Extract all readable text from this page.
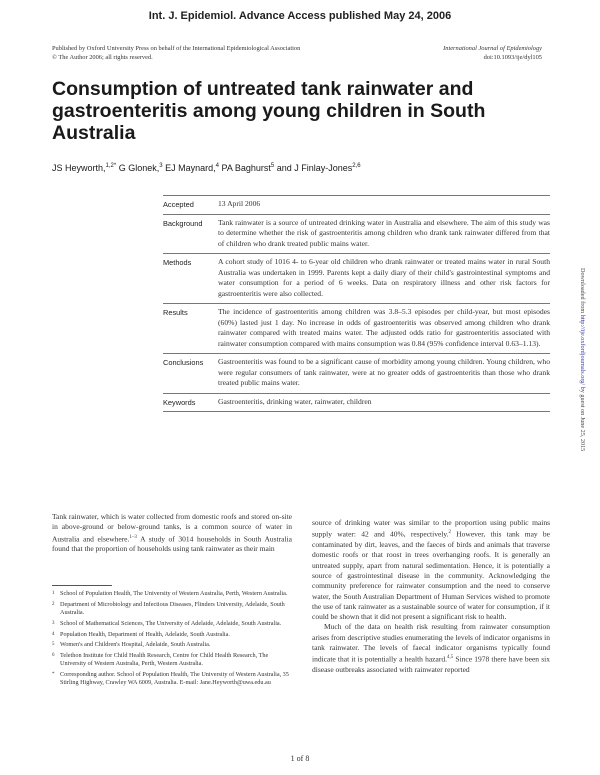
Int. J. Epidemiol. Advance Access published May 24, 2006
Published by Oxford University Press on behalf of the International Epidemiological Association
© The Author 2006; all rights reserved.
International Journal of Epidemiology
doi:10.1093/ije/dyl105
Consumption of untreated tank rainwater and gastroenteritis among young children in South Australia
JS Heyworth,$^{1,2*}$ G Glonek,$^3$ EJ Maynard,$^4$ PA Baghurst$^5$ and J Finlay-Jones$^{2,6}$
Accepted	13 April 2006
Background	Tank rainwater is a source of untreated drinking water in Australia and elsewhere. The aim of this study was to determine whether the risk of gastroenteritis among children who drank tank rainwater differed from that of children who drank treated public mains water.
Methods	A cohort study of 1016 4- to 6-year old children who drank rainwater or treated mains water in rural South Australia was undertaken in 1999. Parents kept a daily diary of their child's gastrointestinal symptoms and water consumption for a period of 6 weeks. Data on respiratory illness and other risk factors for gastroenteritis were also collected.
Results	The incidence of gastroenteritis among children was 3.8–5.3 episodes per child-year, but most episodes (60%) lasted just 1 day. No increase in odds of gastroenteritis was observed among children who drank rainwater compared with treated mains water. The adjusted odds ratio for gastroenteritis associated with rainwater consumption compared with mains consumption was 0.84 (95% confidence interval 0.63–1.13).
Conclusions	Gastroenteritis was found to be a significant cause of morbidity among young children. Young children, who were regular consumers of tank rainwater, were at no greater odds of gastroenteritis than those who drank treated public mains water.
Keywords	Gastroenteritis, drinking water, rainwater, children
Downloaded from http://ije.oxfordjournals.org/ by guest on June 25, 2015

Tank rainwater, which is water collected from domestic roofs and stored on-site in above-ground or below-ground tanks, is a common source of water in Australia and elsewhere.$^{1-3}$ A study of 3014 households in South Australia found that the proportion of households using tank rainwater as their main

1 School of Population Health, The University of Western Australia, Perth, Western Australia.
2 Department of Microbiology and Infectious Diseases, Flinders University, Adelaide, South Australia.
3 School of Mathematical Sciences, The University of Adelaide, Adelaide, South Australia.
4 Population Health, Department of Health, Adelaide, South Australia.
5 Women's and Children's Hospital, Adelaide, South Australia.
6 Telethon Institute for Child Health Research, Centre for Child Health Research, The University of Western Australia, Perth, Western Australia.
* Corresponding author. School of Population Health, The University of Western Australia, 35 Stirling Highway, Crawley WA 6009, Australia. E-mail: Jane.Heyworth@uwa.edu.au

source of drinking water was similar to the proportion using public mains supply water: 42 and 40%, respectively.$^2$ However, this tank may be contaminated by dirt, leaves, and the faeces of birds and animals that traverse domestic roofs or that roost in trees overhanging roofs. It is generally an untreated supply, apart from natural sedimentation. Hence, it is potentially a source of gastrointestinal disease in the community. Acknowledging the community preference for rainwater consumption and the need to conserve water, the South Australian Department of Human Services wished to promote the use of tank rainwater as a sustainable source of water for consumption, if it could be shown that it did not present a significant risk to health.

Much of the data on health risk resulting from rainwater consumption arises from descriptive studies enumerating the levels of indicator organisms in tank rainwater. The levels of faecal indicator organisms typically found indicate that it is potentially a health hazard.$^{4,5}$ Since 1978 there have been six disease outbreaks associated with rainwater reported

1 of 8
